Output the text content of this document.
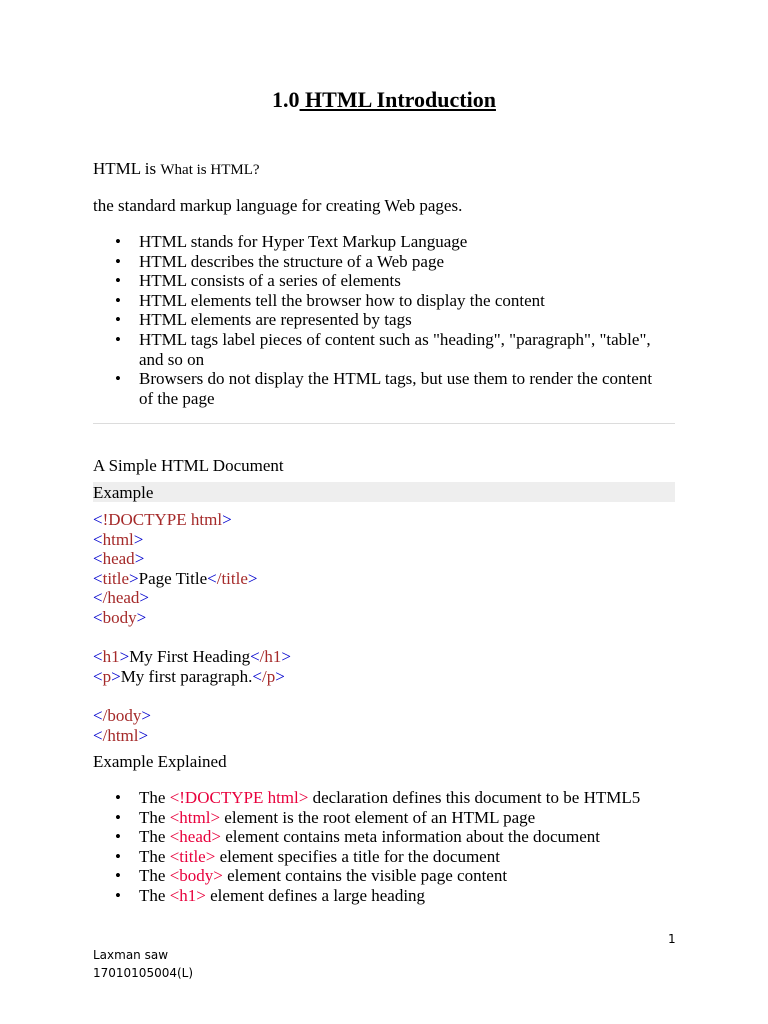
1.0 HTML Introduction
HTML is What is HTML?
the standard markup language for creating Web pages.
• HTML stands for Hyper Text Markup Language
• HTML describes the structure of a Web page
• HTML consists of a series of elements
• HTML elements tell the browser how to display the content
• HTML elements are represented by tags
• HTML tags label pieces of content such as "heading", "paragraph", "table", and so on
• Browsers do not display the HTML tags, but use them to render the content of the page
A Simple HTML Document
Example
<!DOCTYPE html>
<html>
<head>
<title>Page Title</title>
</head>
<body>
<h1>My First Heading</h1>
<p>My first paragraph.</p>
</body>
</html>
Example Explained
• The <!DOCTYPE html> declaration defines this document to be HTML5
• The <html> element is the root element of an HTML page
• The <head> element contains meta information about the document
• The <title> element specifies a title for the document
• The <body> element contains the visible page content
• The <h1> element defines a large heading
1
Laxman saw
17010105004(L)
